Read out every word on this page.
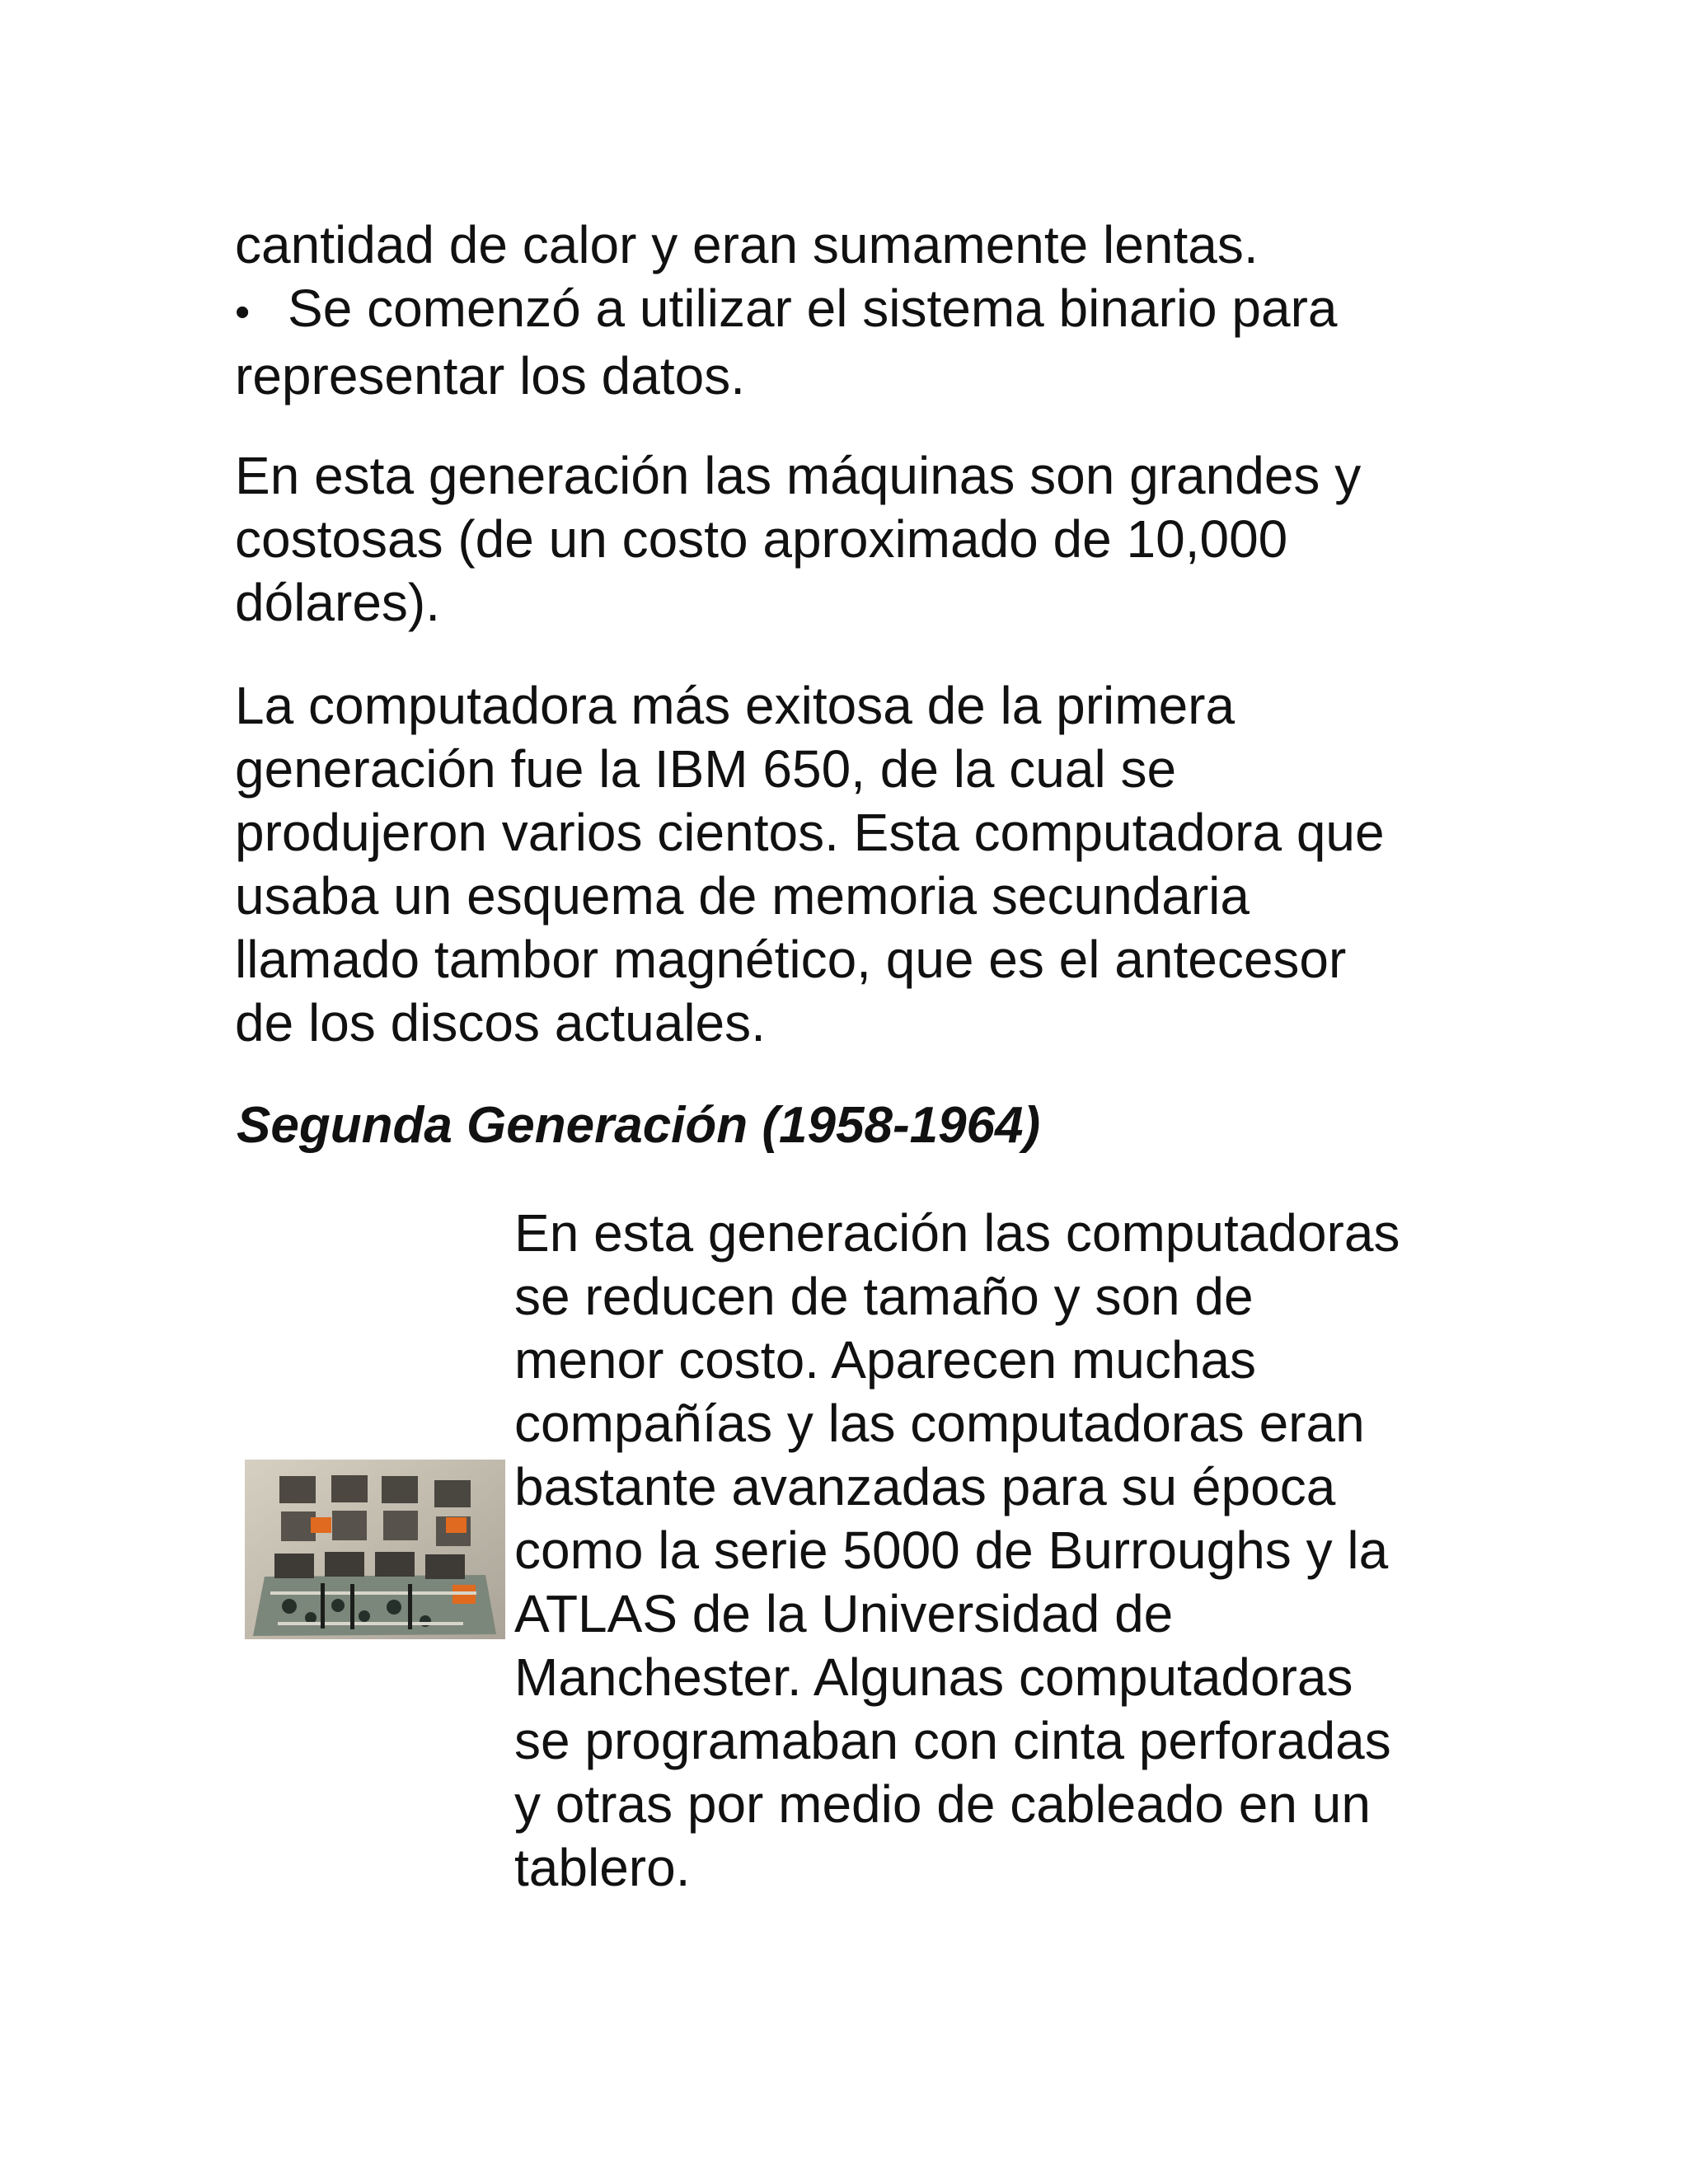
cantidad de calor y eran sumamente lentas.
• Se comenzó a utilizar el sistema binario para
representar los datos.

En esta generación las máquinas son grandes y
costosas (de un costo aproximado de 10,000
dólares).

La computadora más exitosa de la primera
generación fue la IBM 650, de la cual se
produjeron varios cientos. Esta computadora que
usaba un esquema de memoria secundaria
llamado tambor magnético, que es el antecesor
de los discos actuales.

Segunda Generación (1958-1964)

En esta generación las computadoras
se reducen de tamaño y son de
menor costo. Aparecen muchas
compañías y las computadoras eran
bastante avanzadas para su época
como la serie 5000 de Burroughs y la
ATLAS de la Universidad de
Manchester. Algunas computadoras
se programaban con cinta perforadas
y otras por medio de cableado en un
tablero.
